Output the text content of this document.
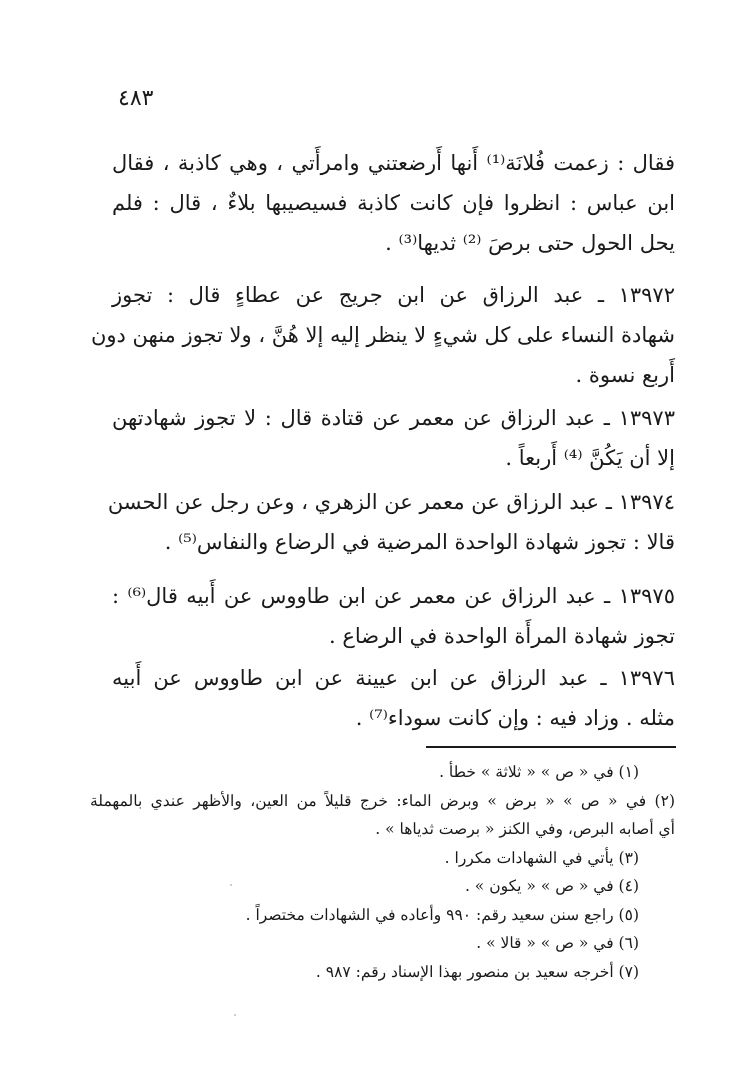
٤٨٣
فقال : زعمت فُلانَة⁽¹⁾ أَنها أَرضعتني وامرأَتي ، وهي كاذبة ، فقال
ابن عباس : انظروا فإن كانت كاذبة فسيصيبها بلاءٌ ، قال : فلم
يحل الحول حتى برصَ ⁽²⁾ ثديها⁽³⁾ .
١٣٩٧٢ ـ عبد الرزاق عن ابن جريج عن عطاءٍ قال : تجوز
شهادة النساء على كل شيءٍ لا ينظر إليه إلا هُنَّ ، ولا تجوز منهن دون
أَربع نسوة .
١٣٩٧٣ ـ عبد الرزاق عن معمر عن قتادة قال : لا تجوز شهادتهن
إلا أن يَكُنَّ ⁽⁴⁾ أَربعاً .
١٣٩٧٤ ـ عبد الرزاق عن معمر عن الزهري ، وعن رجل عن الحسن
قالا : تجوز شهادة الواحدة المرضية في الرضاع والنفاس⁽⁵⁾ .
١٣٩٧٥ ـ عبد الرزاق عن معمر عن ابن طاووس عن أَبيه قال⁽⁶⁾ :
تجوز شهادة المرأَة الواحدة في الرضاع .
١٣٩٧٦ ـ عبد الرزاق عن ابن عيينة عن ابن طاووس عن أَبيه
مثله . وزاد فيه : وإن كانت سوداء⁽⁷⁾ .
(١) في « ص » « ثلاثة » خطأ .
(٢) في « ص » « برض » وبرض الماء: خرج قليلاً من العين، والأظهر عندي بالمهملة
أي أصابه البرص، وفي الكنز « برصت ثدياها » .
(٣) يأتي في الشهادات مكررا .
(٤) في « ص » « يكون » .
(٥) راجع سنن سعيد رقم: ٩٩٠ وأعاده في الشهادات مختصراً .
(٦) في « ص » « قالا » .
(٧) أخرجه سعيد بن منصور بهذا الإسناد رقم: ٩٨٧ .
